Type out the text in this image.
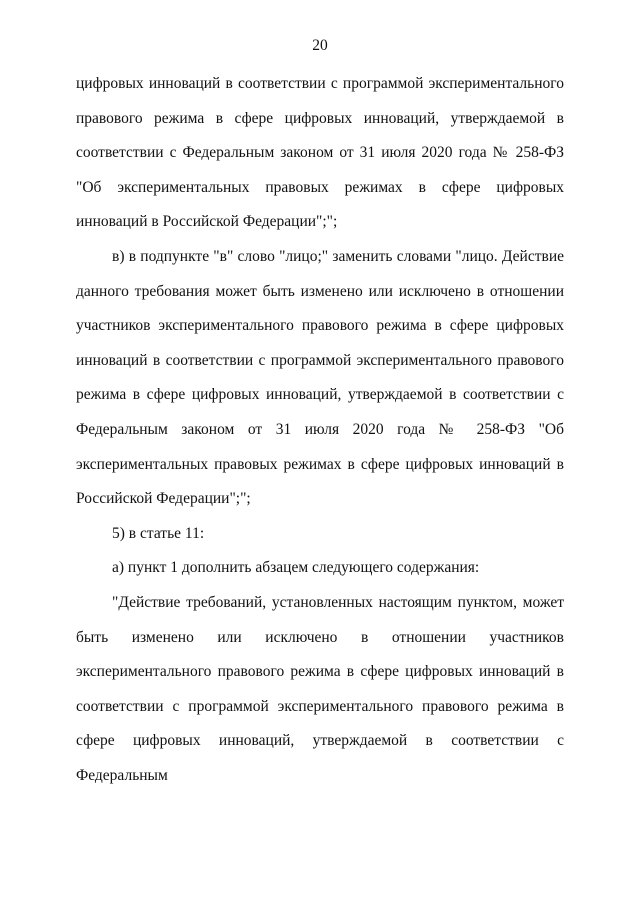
20

цифровых инноваций в соответствии с программой экспериментального правового режима в сфере цифровых инноваций, утверждаемой в соответствии с Федеральным законом от 31 июля 2020 года № 258-ФЗ "Об экспериментальных правовых режимах в сфере цифровых инноваций в Российской Федерации";";

в) в подпункте "в" слово "лицо;" заменить словами "лицо. Действие данного требования может быть изменено или исключено в отношении участников экспериментального правового режима в сфере цифровых инноваций в соответствии с программой экспериментального правового режима в сфере цифровых инноваций, утверждаемой в соответствии с Федеральным законом от 31 июля 2020 года № 258-ФЗ "Об экспериментальных правовых режимах в сфере цифровых инноваций в Российской Федерации";";

5) в статье 11:

а) пункт 1 дополнить абзацем следующего содержания:

"Действие требований, установленных настоящим пунктом, может быть изменено или исключено в отношении участников экспериментального правового режима в сфере цифровых инноваций в соответствии с программой экспериментального правового режима в сфере цифровых инноваций, утверждаемой в соответствии с Федеральным
